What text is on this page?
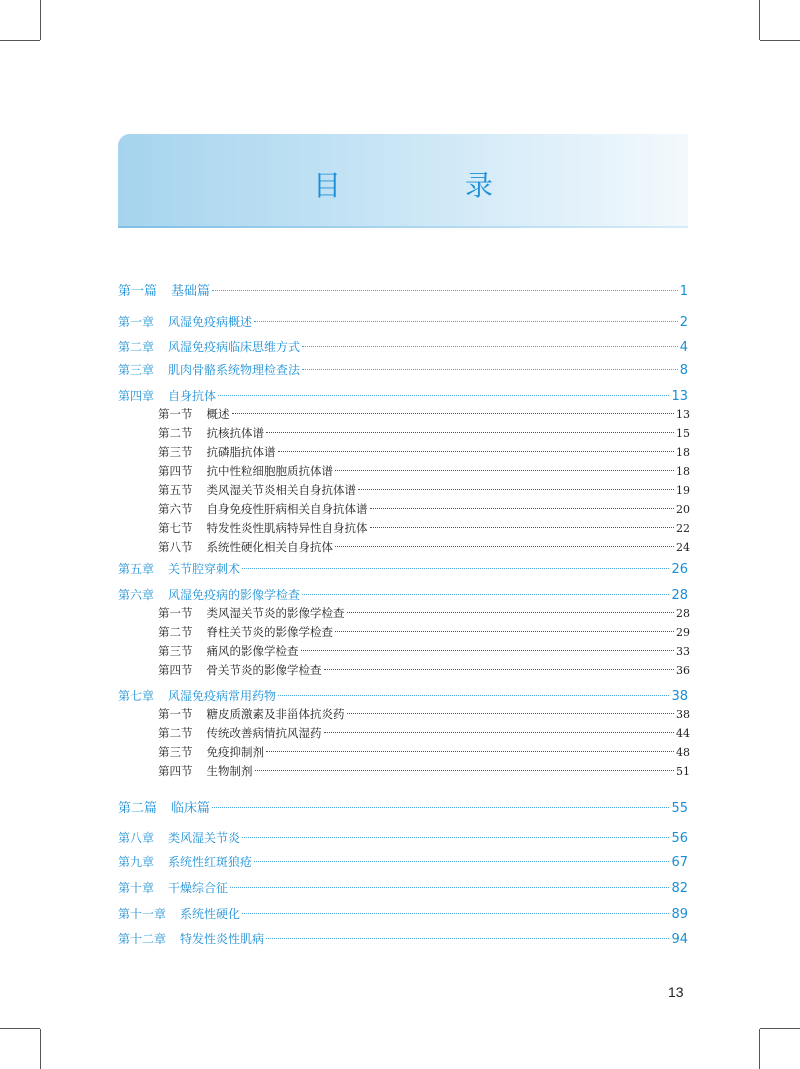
目　录
第一篇 基础篇	1
第一章 风湿免疫病概述	2
第二章 风湿免疫病临床思维方式	4
第三章 肌肉骨骼系统物理检查法	8
第四章 自身抗体	13
第一节 概述	13
第二节 抗核抗体谱	15
第三节 抗磷脂抗体谱	18
第四节 抗中性粒细胞胞质抗体谱	18
第五节 类风湿关节炎相关自身抗体谱	19
第六节 自身免疫性肝病相关自身抗体谱	20
第七节 特发性炎性肌病特异性自身抗体	22
第八节 系统性硬化相关自身抗体	24
第五章 关节腔穿刺术	26
第六章 风湿免疫病的影像学检查	28
第一节 类风湿关节炎的影像学检查	28
第二节 脊柱关节炎的影像学检查	29
第三节 痛风的影像学检查	33
第四节 骨关节炎的影像学检查	36
第七章 风湿免疫病常用药物	38
第一节 糖皮质激素及非甾体抗炎药	38
第二节 传统改善病情抗风湿药	44
第三节 免疫抑制剂	48
第四节 生物制剂	51
第二篇 临床篇	55
第八章 类风湿关节炎	56
第九章 系统性红斑狼疮	67
第十章 干燥综合征	82
第十一章 系统性硬化	89
第十二章 特发性炎性肌病	94
13
